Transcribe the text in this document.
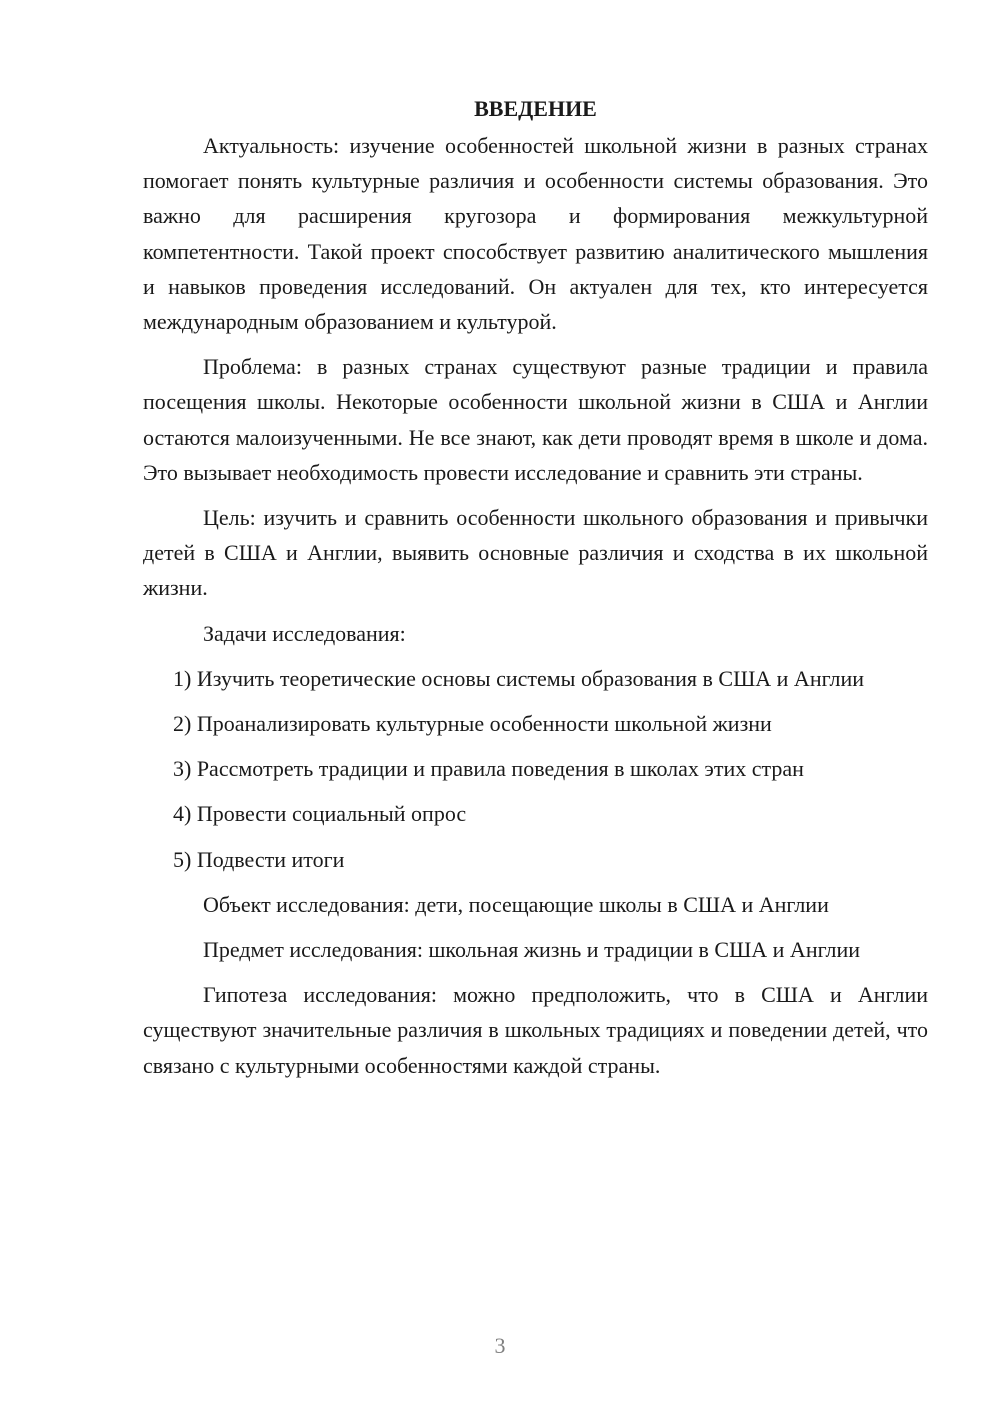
ВВЕДЕНИЕ

Актуальность: изучение особенностей школьной жизни в разных странах помогает понять культурные различия и особенности системы образования. Это важно для расширения кругозора и формирования межкультурной компетентности. Такой проект способствует развитию аналитического мышления и навыков проведения исследований. Он актуален для тех, кто интересуется международным образованием и культурой.

Проблема: в разных странах существуют разные традиции и правила посещения школы. Некоторые особенности школьной жизни в США и Англии остаются малоизученными. Не все знают, как дети проводят время в школе и дома. Это вызывает необходимость провести исследование и сравнить эти страны.

Цель: изучить и сравнить особенности школьного образования и привычки детей в США и Англии, выявить основные различия и сходства в их школьной жизни.

Задачи исследования:

1) Изучить теоретические основы системы образования в США и Англии

2) Проанализировать культурные особенности школьной жизни

3) Рассмотреть традиции и правила поведения в школах этих стран

4) Провести социальный опрос

5) Подвести итоги

Объект исследования: дети, посещающие школы в США и Англии

Предмет исследования: школьная жизнь и традиции в США и Англии

Гипотеза исследования: можно предположить, что в США и Англии существуют значительные различия в школьных традициях и поведении детей, что связано с культурными особенностями каждой страны.

3
